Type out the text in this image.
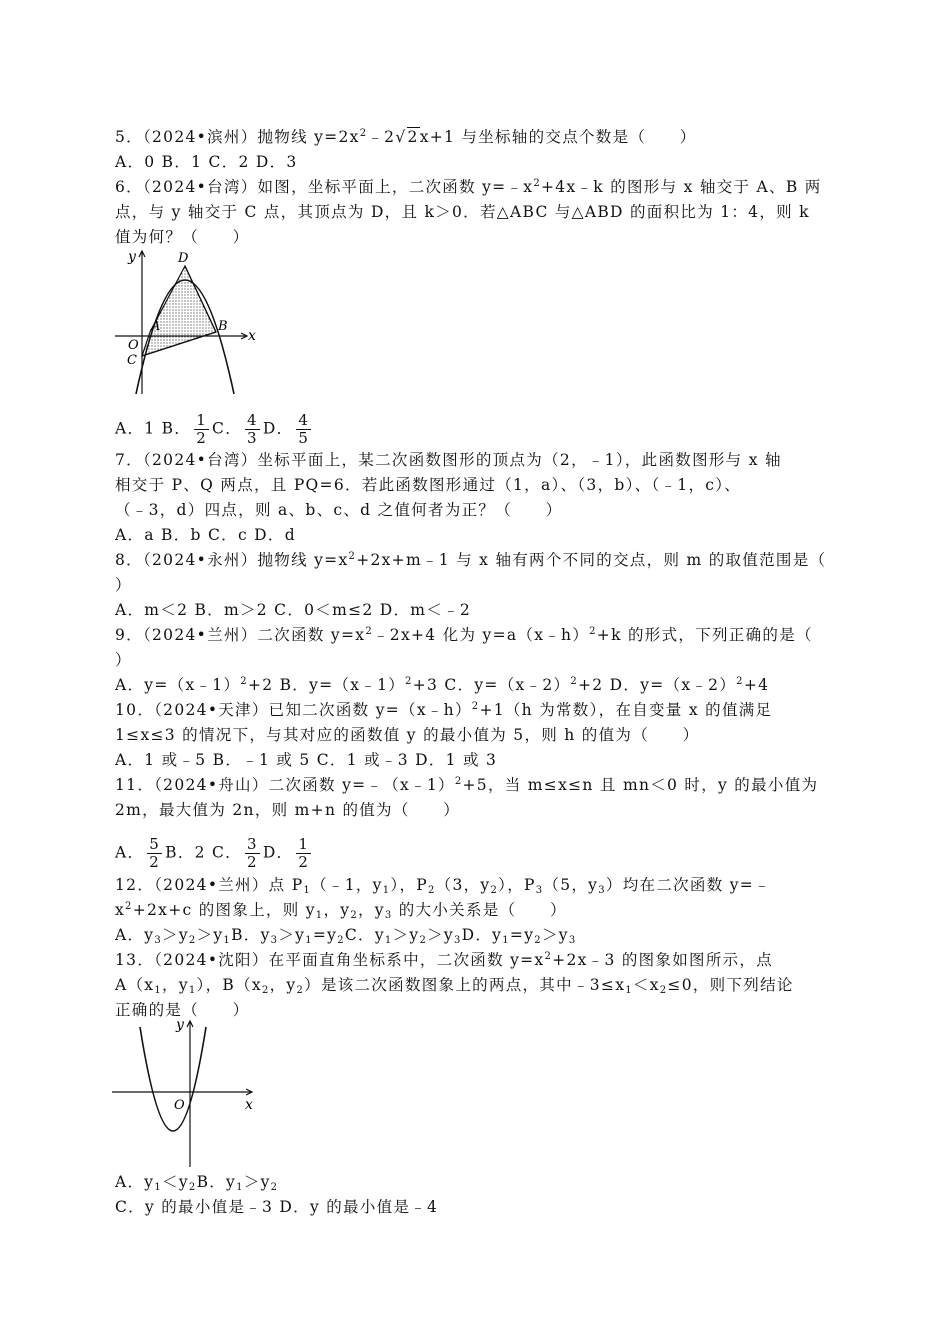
5．（2024•滨州）抛物线 $y=2x^2﹣2√2x+1$ 与坐标轴的交点个数是（　　）
A．0 B．1 C．2 D．3
6．（2024•台湾）如图，坐标平面上，二次函数 $y=﹣x^2+4x﹣k$ 的图形与 x 轴交于 A、B 两
点，与 y 轴交于 C 点，其顶点为 D，且 k＞0．若△ABC 与△ABD 的面积比为 1：4，则 k
值为何？（　　）
y
x
D
A	B
O
C
A．1 B． $\frac{1}{2}$ C． $\frac{4}{3}$ D． $\frac{4}{5}$
7．（2024•台湾）坐标平面上，某二次函数图形的顶点为（2，﹣1），此函数图形与 x 轴
相交于 P、Q 两点，且 PQ=6．若此函数图形通过（1，a）、（3，b）、（﹣1，c）、
（﹣3，d）四点，则 a、b、c、d 之值何者为正？（　　）
A．a B．b C．c D．d
8．（2024•永州）抛物线 $y=x^2+2x+m﹣1$ 与 x 轴有两个不同的交点，则 m 的取值范围是（
）
A．m＜2 B．m＞2 C．0＜m≤2 D．m＜﹣2
9．（2024•兰州）二次函数 $y=x^2﹣2x+4$ 化为 y=a（x﹣h）$^2$+k 的形式，下列正确的是（
）
A．y=（x﹣1）$^2$+2 B．y=（x﹣1）$^2$+3 C．y=（x﹣2）$^2$+2 D．y=（x﹣2）$^2$+4
10．（2024•天津）已知二次函数 y=（x﹣h）$^2$+1（h 为常数），在自变量 x 的值满足
1≤x≤3 的情况下，与其对应的函数值 y 的最小值为 5，则 h 的值为（　　）
A．1 或﹣5 B．﹣1 或 5 C．1 或﹣3 D．1 或 3
11．（2024•舟山）二次函数 y=﹣（x﹣1）$^2$+5，当 m≤x≤n 且 mn＜0 时，y 的最小值为
2m，最大值为 2n，则 m+n 的值为（　　）
A． $\frac{5}{2}$ B．2 C． $\frac{3}{2}$ D． $\frac{1}{2}$
12．（2024•兰州）点 $P_1(﹣1$，$y_1$），$P_2(3$，$y_2$），$P_3(5$，$y_3$）均在二次函数 y=﹣
$x^2+2x+c$ 的图象上，则 $y_1$，$y_2$，$y_3$ 的大小关系是（　　）
A．$y_3>y_2>y_1B$．$y_3>y_1=y_2C$．$y_1>y_2>y_3D$．$y_1=y_2>y_3$
13．（2024•沈阳）在平面直角坐标系中，二次函数 $y=x^2+2x﹣3$ 的图象如图所示，点
$A(x_1$，$y_1$），$B(x_2$，$y_2$）是该二次函数图象上的两点，其中$﹣3\le x_1<x_2\le 0$，则下列结论
正确的是（　　）
y
x
O
A．$y_1<y_2B$．$y_1>y_2$
C．y 的最小值是﹣3 D．y 的最小值是﹣4
